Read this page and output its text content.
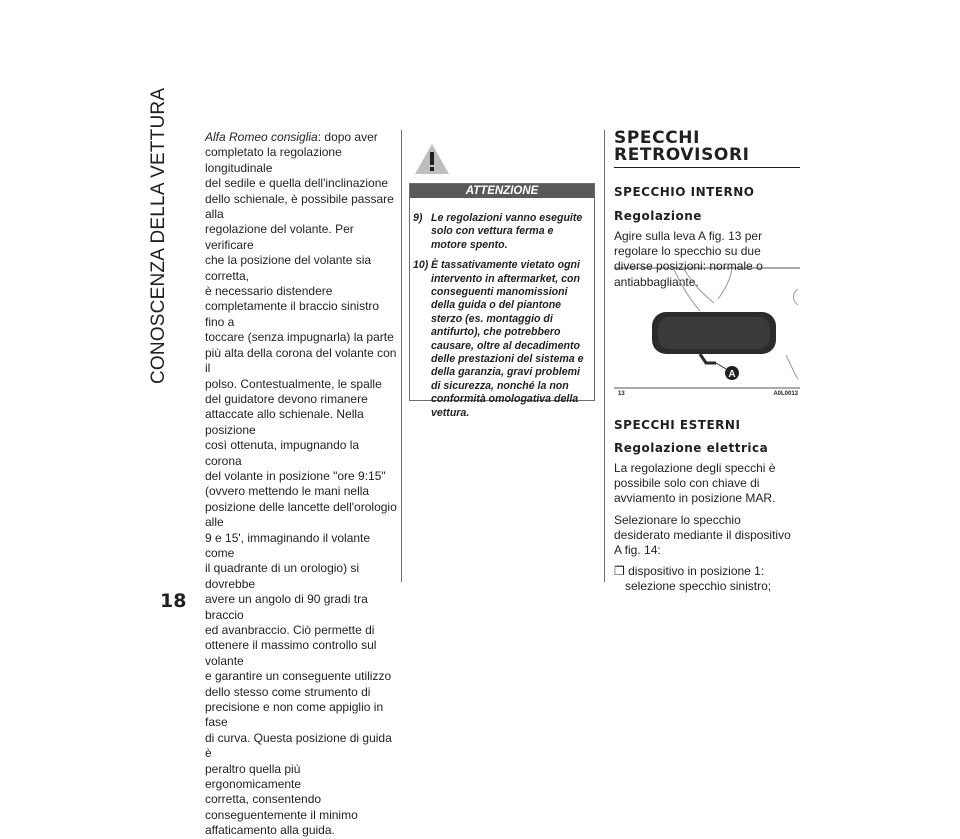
CONOSCENZA DELLA VETTURA
18

Alfa Romeo consiglia: dopo aver

completato la regolazione longitudinale

del sedile e quella dell'inclinazione

dello schienale, è possibile passare alla

regolazione del volante. Per verificare

che la posizione del volante sia corretta,

è necessario distendere

completamente il braccio sinistro fino a

toccare (senza impugnarla) la parte

più alta della corona del volante con il

polso. Contestualmente, le spalle

del guidatore devono rimanere

attaccate allo schienale. Nella posizione

così ottenuta, impugnando la corona

del volante in posizione "ore 9:15"

(ovvero mettendo le mani nella

posizione delle lancette dell'orologio alle

9 e 15', immaginando il volante come

il quadrante di un orologio) si dovrebbe

avere un angolo di 90 gradi tra braccio

ed avanbraccio. Ciò permette di

ottenere il massimo controllo sul volante

e garantire un conseguente utilizzo

dello stesso come strumento di

precisione e non come appiglio in fase

di curva. Questa posizione di guida è

peraltro quella più ergonomicamente

corretta, consentendo

conseguentemente il minimo

affaticamento alla guida.

ATTENZIONE
9) Le regolazioni vanno eseguite solo con vettura ferma e motore spento.
10) È tassativamente vietato ogni intervento in aftermarket, con conseguenti manomissioni della guida o del piantone sterzo (es. montaggio di antifurto), che potrebbero causare, oltre al decadimento delle prestazioni del sistema e della garanzia, gravi problemi di sicurezza, nonché la non conformità omologativa della vettura.
SPECCHI
RETROVISORI
SPECCHIO INTERNO
Regolazione

Agire sulla leva A fig. 13 per regolare lo specchio su due diverse posizioni: normale o antiabbagliante.

A
13	A0L0013
SPECCHI ESTERNI
Regolazione elettrica

La regolazione degli specchi è possibile solo con chiave di avviamento in posizione MAR.

Selezionare lo specchio desiderato mediante il dispositivo A fig. 14:

❒ dispositivo in posizione 1: selezione specchio sinistro;
